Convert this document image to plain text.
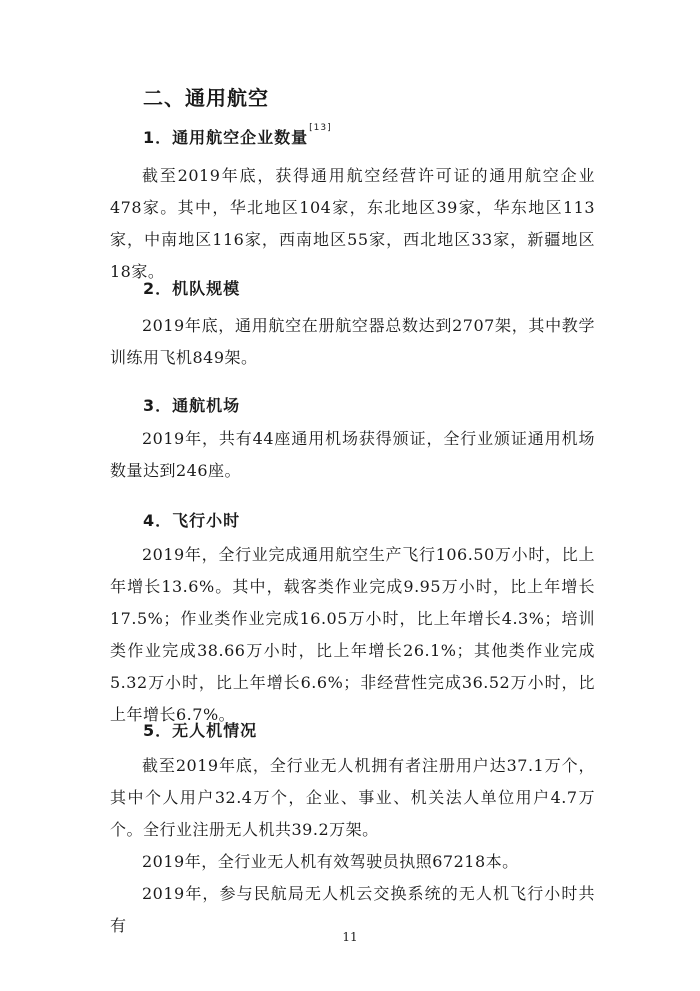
二、通用航空
1．通用航空企业数量[13]

截至2019年底，获得通用航空经营许可证的通用航空企业478家。其中，华北地区104家，东北地区39家，华东地区113家，中南地区116家，西南地区55家，西北地区33家，新疆地区18家。

2．机队规模

2019年底，通用航空在册航空器总数达到2707架，其中教学训练用飞机849架。

3．通航机场

2019年，共有44座通用机场获得颁证，全行业颁证通用机场数量达到246座。

4．飞行小时

2019年，全行业完成通用航空生产飞行106.50万小时，比上年增长13.6%。其中，载客类作业完成9.95万小时，比上年增长17.5%；作业类作业完成16.05万小时，比上年增长4.3%；培训类作业完成38.66万小时，比上年增长26.1%；其他类作业完成5.32万小时，比上年增长6.6%；非经营性完成36.52万小时，比上年增长6.7%。

5．无人机情况

截至2019年底，全行业无人机拥有者注册用户达37.1万个，其中个人用户32.4万个，企业、事业、机关法人单位用户4.7万个。全行业注册无人机共39.2万架。

2019年，全行业无人机有效驾驶员执照67218本。

2019年，参与民航局无人机云交换系统的无人机飞行小时共有

11
